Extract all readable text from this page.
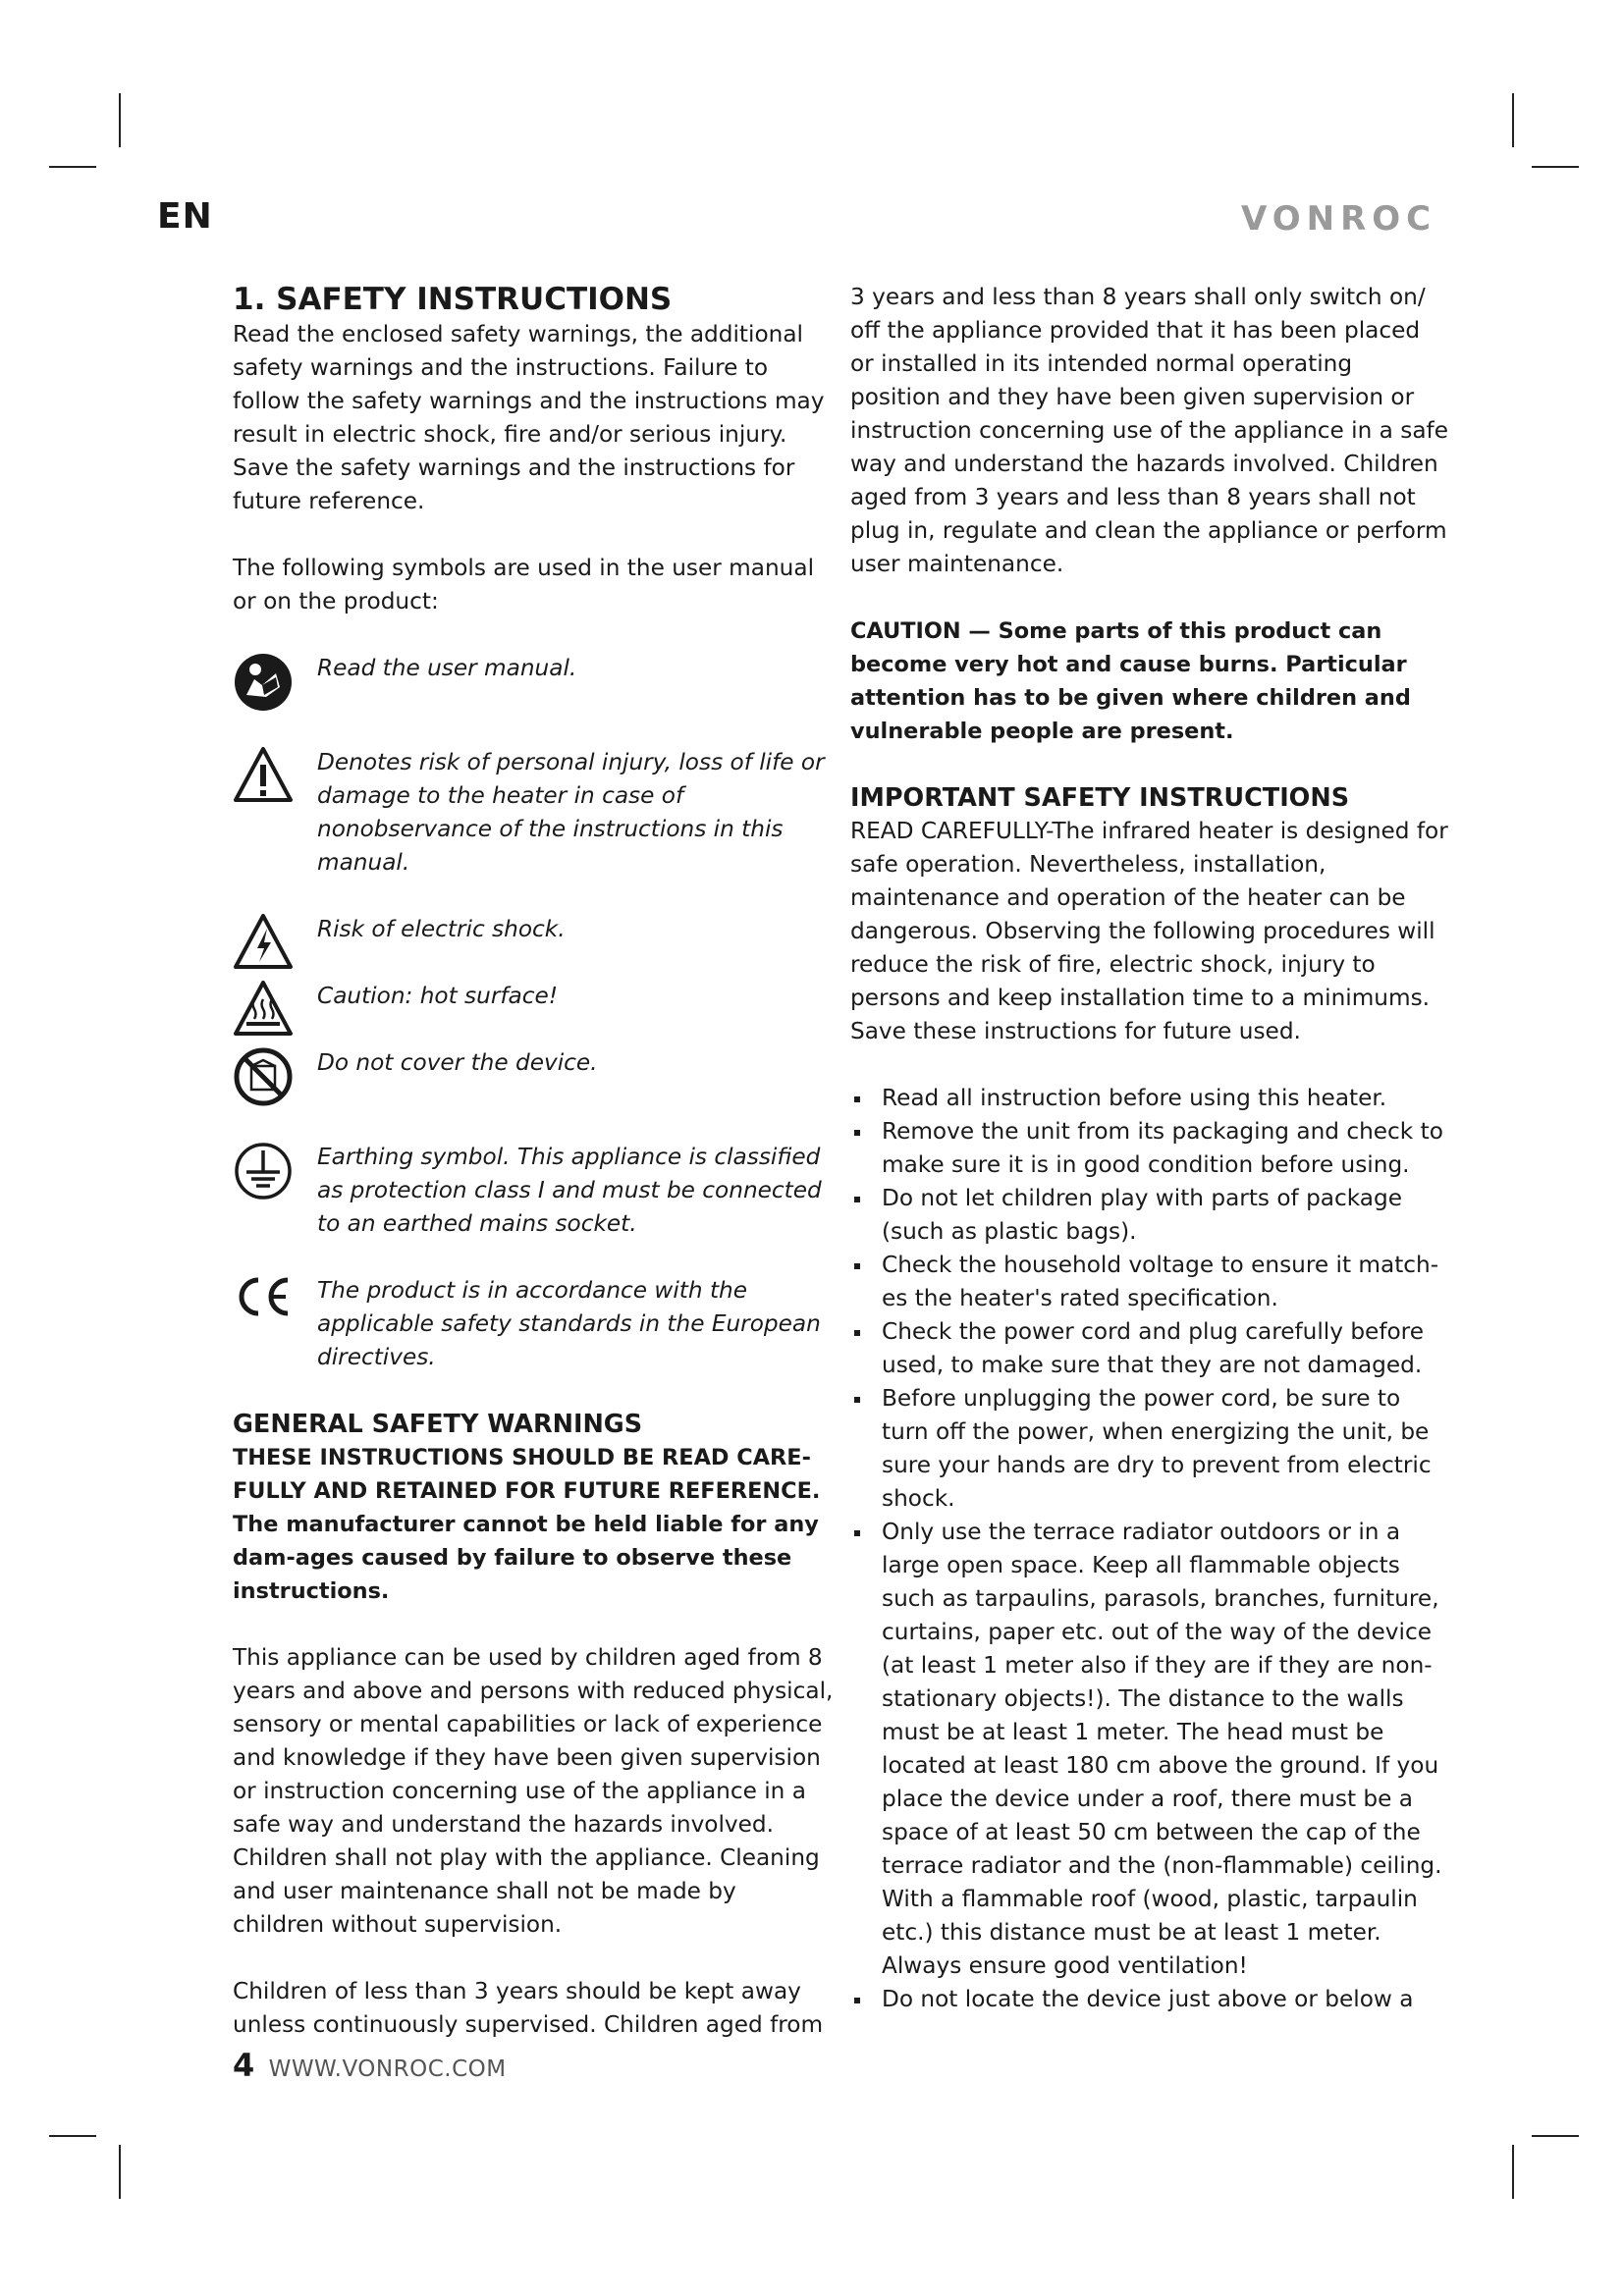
EN	VONROC

1. SAFETY INSTRUCTIONS

Read the enclosed safety warnings, the additional safety warnings and the instructions. Failure to follow the safety warnings and the instructions may result in electric shock, fire and/or serious injury. Save the safety warnings and the instructions for future reference.

The following symbols are used in the user manual or on the product:

Read the user manual.
Denotes risk of personal injury, loss of life or damage to the heater in case of nonobservance of the instructions in this manual.
Risk of electric shock.
Caution: hot surface!
Do not cover the device.
Earthing symbol. This appliance is classified as protection class I and must be connected to an earthed mains socket.
The product is in accordance with the applicable safety standards in the European directives.

GENERAL SAFETY WARNINGS

THESE INSTRUCTIONS SHOULD BE READ CARE-FULLY AND RETAINED FOR FUTURE REFERENCE. The manufacturer cannot be held liable for any dam-ages caused by failure to observe these instructions.

This appliance can be used by children aged from 8 years and above and persons with reduced physical, sensory or mental capabilities or lack of experience and knowledge if they have been given supervision or instruction concerning use of the appliance in a safe way and understand the hazards involved. Children shall not play with the appliance. Cleaning and user maintenance shall not be made by children without supervision.

Children of less than 3 years should be kept away unless continuously supervised. Children aged from

3 years and less than 8 years shall only switch on/ off the appliance provided that it has been placed or installed in its intended normal operating position and they have been given supervision or instruction concerning use of the appliance in a safe way and understand the hazards involved. Children aged from 3 years and less than 8 years shall not plug in, regulate and clean the appliance or perform user maintenance.

CAUTION — Some parts of this product can become very hot and cause burns. Particular attention has to be given where children and vulnerable people are present.

IMPORTANT SAFETY INSTRUCTIONS

READ CAREFULLY-The infrared heater is designed for safe operation. Nevertheless, installation, maintenance and operation of the heater can be dangerous. Observing the following procedures will reduce the risk of fire, electric shock, injury to persons and keep installation time to a minimums. Save these instructions for future used.

Read all instruction before using this heater.
Remove the unit from its packaging and check to make sure it is in good condition before using.
Do not let children play with parts of package (such as plastic bags).
Check the household voltage to ensure it match-es the heater's rated specification.
Check the power cord and plug carefully before used, to make sure that they are not damaged.
Before unplugging the power cord, be sure to turn off the power, when energizing the unit, be sure your hands are dry to prevent from electric shock.
Only use the terrace radiator outdoors or in a large open space. Keep all flammable objects such as tarpaulins, parasols, branches, furniture, curtains, paper etc. out of the way of the device (at least 1 meter also if they are if they are non-stationary objects!). The distance to the walls must be at least 1 meter. The head must be located at least 180 cm above the ground. If you place the device under a roof, there must be a space of at least 50 cm between the cap of the terrace radiator and the (non-flammable) ceiling. With a flammable roof (wood, plastic, tarpaulin etc.) this distance must be at least 1 meter. Always ensure good ventilation!
Do not locate the device just above or below a
4 WWW.VONROC.COM
